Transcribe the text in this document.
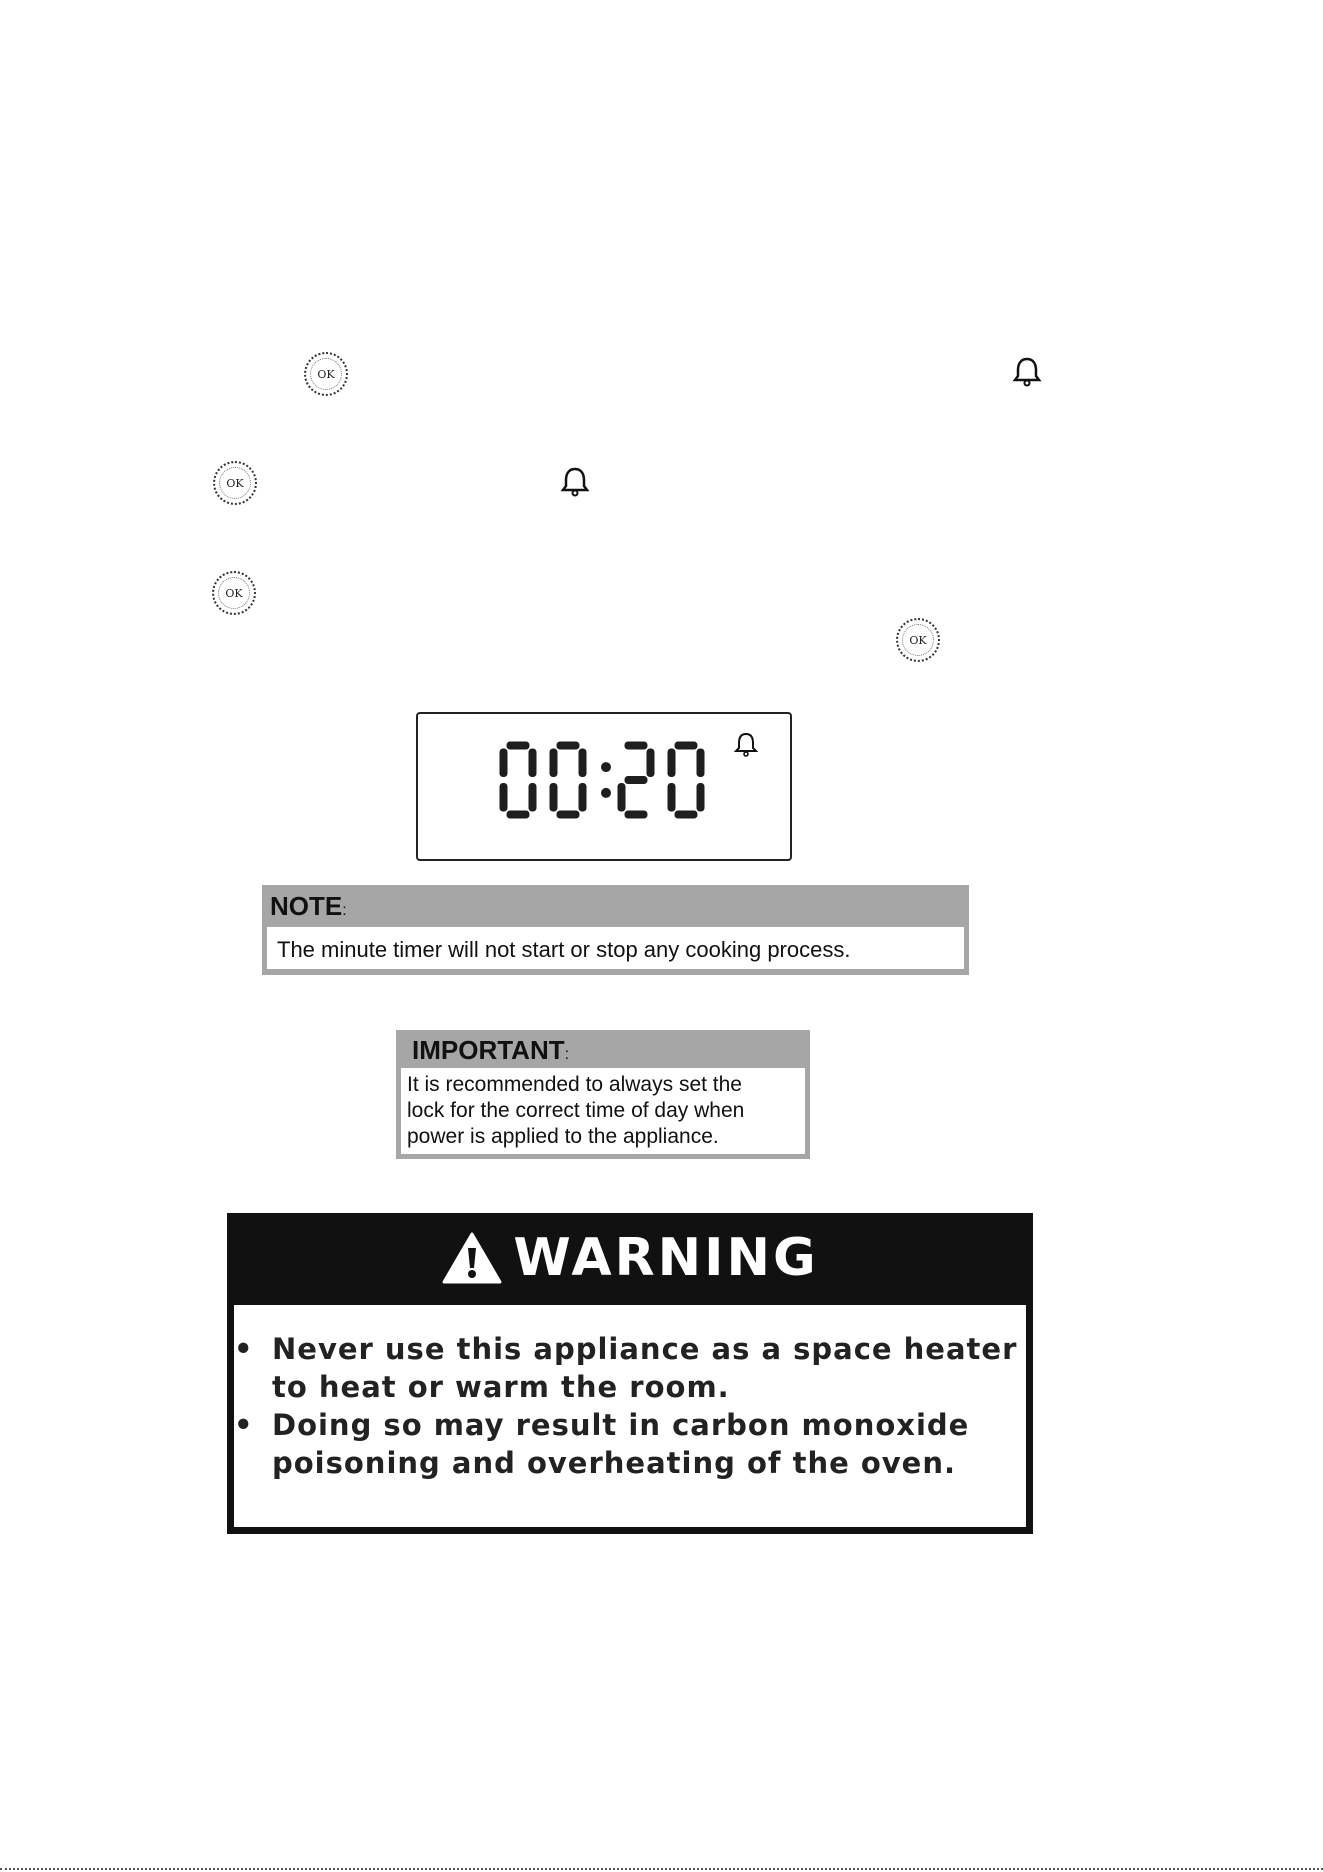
OK
OK
OK
OK
NOTE:
The minute timer will not start or stop any cooking process.
IMPORTANT:
It is recommended to always set the
lock for the correct time of day when
power is applied to the appliance.
WARNING
• Never use this appliance as a space heater to heat or warm the room.
• Doing so may result in carbon monoxide poisoning and overheating of the oven.
